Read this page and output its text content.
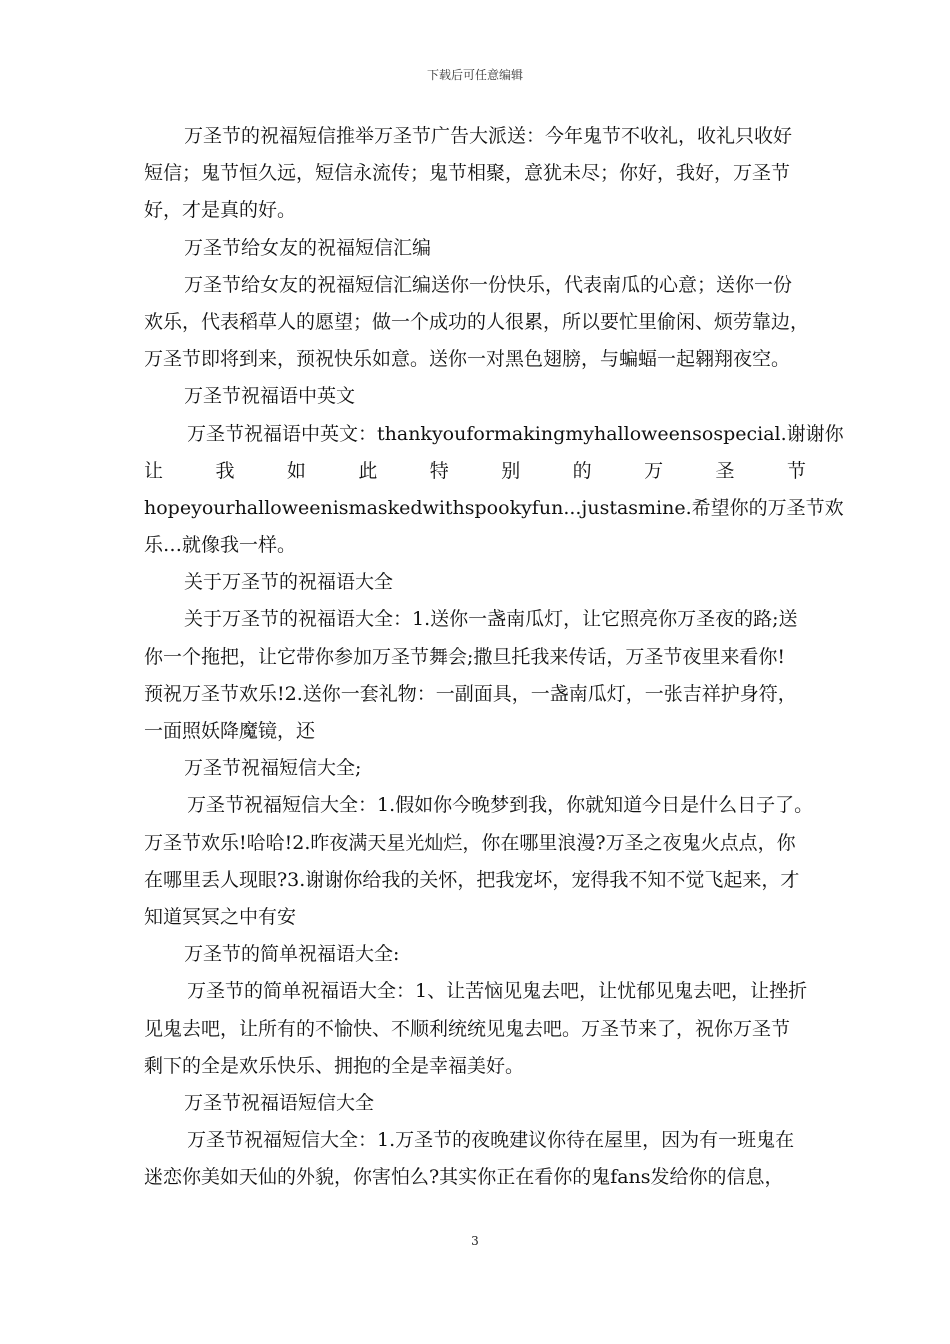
下载后可任意编辑
万圣节的祝福短信推举万圣节广告大派送：今年鬼节不收礼，收礼只收好
短信；鬼节恒久远，短信永流传；鬼节相聚，意犹未尽；你好，我好，万圣节
好，才是真的好。
万圣节给女友的祝福短信汇编
万圣节给女友的祝福短信汇编送你一份快乐，代表南瓜的心意；送你一份
欢乐，代表稻草人的愿望；做一个成功的人很累，所以要忙里偷闲、烦劳靠边，
万圣节即将到来，预祝快乐如意。送你一对黑色翅膀，与蝙蝠一起翱翔夜空。
万圣节祝福语中英文
万圣节祝福语中英文：thankyouformakingmyhalloweensospecial.谢谢你
让	我	如	此	特	别	的	万	圣	节
hopeyourhalloweenismaskedwithspookyfun...justasmine.希望你的万圣节欢
乐…就像我一样。
关于万圣节的祝福语大全
关于万圣节的祝福语大全：1.送你一盏南瓜灯，让它照亮你万圣夜的路;送
你一个拖把，让它带你参加万圣节舞会;撒旦托我来传话，万圣节夜里来看你!
预祝万圣节欢乐!2.送你一套礼物：一副面具，一盏南瓜灯，一张吉祥护身符，
一面照妖降魔镜，还
万圣节祝福短信大全;
万圣节祝福短信大全：1.假如你今晚梦到我，你就知道今日是什么日子了。
万圣节欢乐!哈哈!2.昨夜满天星光灿烂，你在哪里浪漫?万圣之夜鬼火点点，你
在哪里丢人现眼?3.谢谢你给我的关怀，把我宠坏，宠得我不知不觉飞起来，才
知道冥冥之中有安
万圣节的简单祝福语大全:
万圣节的简单祝福语大全：1、让苦恼见鬼去吧，让忧郁见鬼去吧，让挫折
见鬼去吧，让所有的不愉快、不顺利统统见鬼去吧。万圣节来了，祝你万圣节
剩下的全是欢乐快乐、拥抱的全是幸福美好。
万圣节祝福语短信大全
万圣节祝福短信大全：1.万圣节的夜晚建议你待在屋里，因为有一班鬼在
迷恋你美如天仙的外貌，你害怕么?其实你正在看你的鬼fans发给你的信息，
3
